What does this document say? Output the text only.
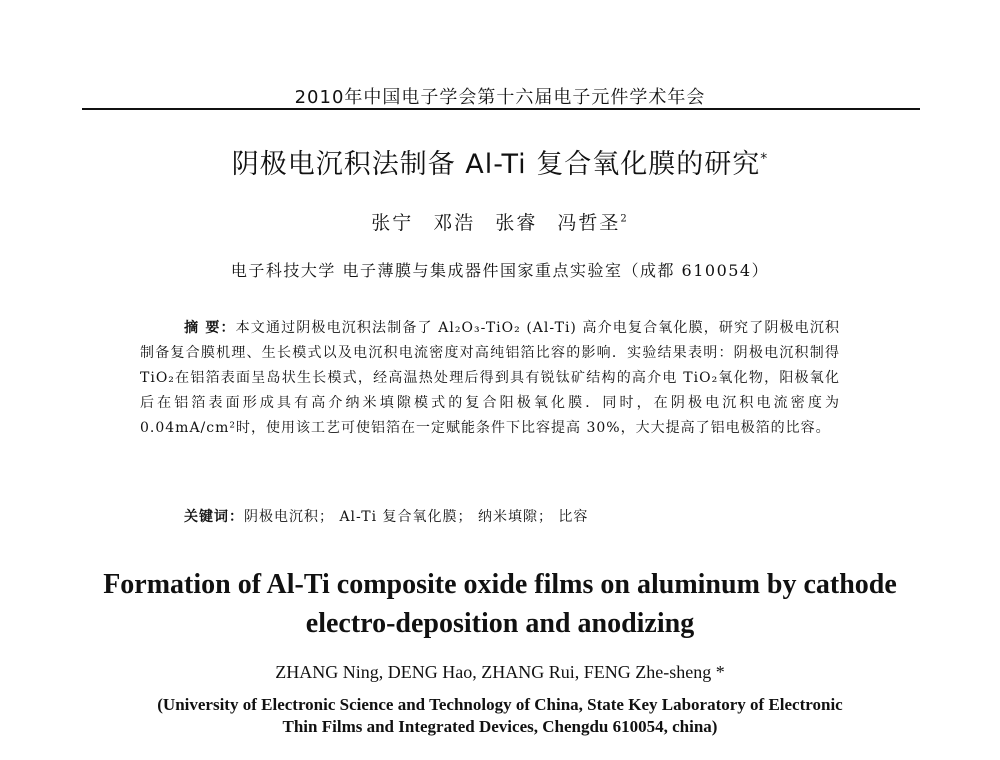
2010年中国电子学会第十六届电子元件学术年会
阴极电沉积法制备 Al-Ti 复合氧化膜的研究*
张宁 邓浩 张睿 冯哲圣$^2$
电子科技大学 电子薄膜与集成器件国家重点实验室（成都 610054）
摘 要：本文通过阴极电沉积法制备了 Al₂O₃-TiO₂ (Al-Ti) 高介电复合氧化膜，研究了阴极电沉积制备复合膜机理、生长模式以及电沉积电流密度对高纯铝箔比容的影响．实验结果表明：阴极电沉积制得 TiO₂在铝箔表面呈岛状生长模式，经高温热处理后得到具有锐钛矿结构的高介电 TiO₂氧化物，阳极氧化后在铝箔表面形成具有高介纳米填隙模式的复合阳极氧化膜．同时，在阴极电沉积电流密度为 0.04mA/cm²时，使用该工艺可使铝箔在一定赋能条件下比容提高 30%，大大提高了铝电极箔的比容。
关键词：阴极电沉积； Al-Ti 复合氧化膜； 纳米填隙； 比容
Formation of Al-Ti composite oxide films on aluminum by cathode
electro-deposition and anodizing
ZHANG Ning, DENG Hao, ZHANG Rui, FENG Zhe-sheng *
(University of Electronic Science and Technology of China, State Key Laboratory of Electronic
Thin Films and Integrated Devices, Chengdu 610054, china)
